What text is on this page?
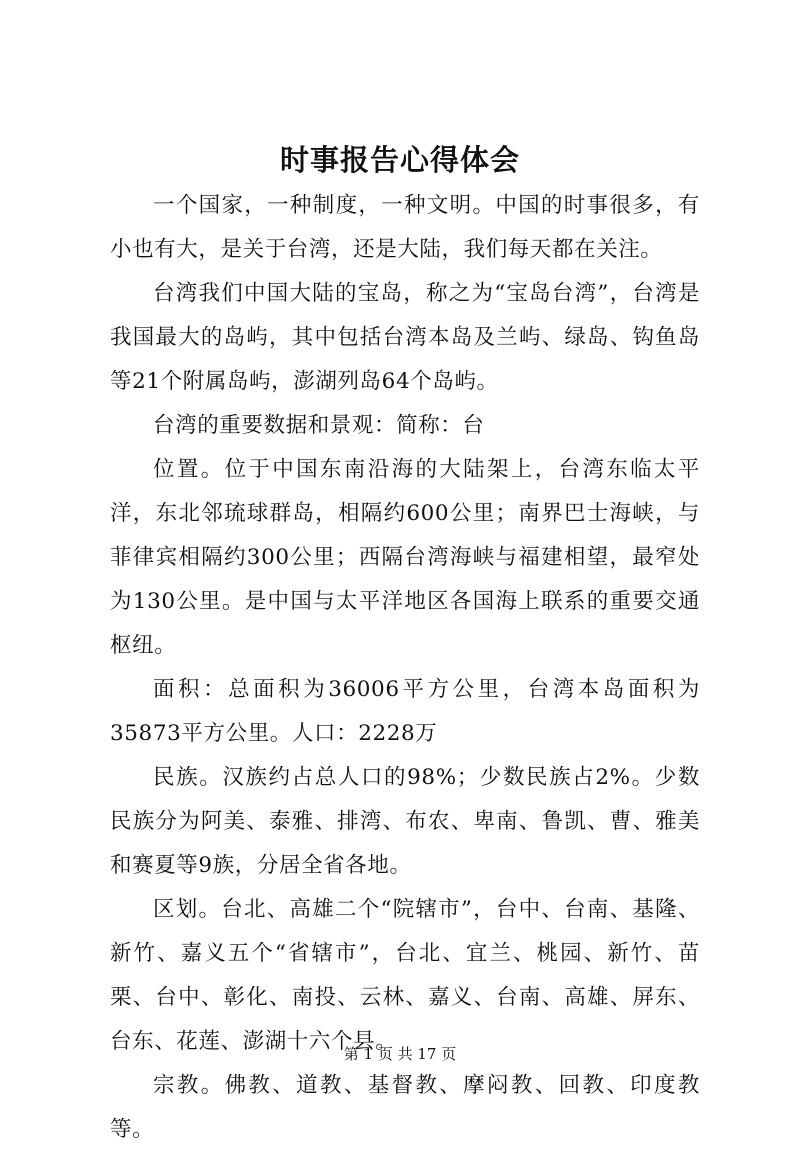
时事报告心得体会

一个国家，一种制度，一种文明。中国的时事很多，有小也有大，是关于台湾，还是大陆，我们每天都在关注。

台湾我们中国大陆的宝岛，称之为“宝岛台湾”，台湾是我国最大的岛屿，其中包括台湾本岛及兰屿、绿岛、钩鱼岛等21个附属岛屿，澎湖列岛64个岛屿。

台湾的重要数据和景观：简称：台

位置。位于中国东南沿海的大陆架上，台湾东临太平洋，东北邻琉球群岛，相隔约600公里；南界巴士海峡，与菲律宾相隔约300公里；西隔台湾海峡与福建相望，最窄处为130公里。是中国与太平洋地区各国海上联系的重要交通枢纽。

面积：总面积为36006平方公里，台湾本岛面积为35873平方公里。人口：2228万

民族。汉族约占总人口的98%；少数民族占2%。少数民族分为阿美、泰雅、排湾、布农、卑南、鲁凯、曹、雅美和赛夏等9族，分居全省各地。

区划。台北、高雄二个“院辖市”，台中、台南、基隆、新竹、嘉义五个“省辖市”，台北、宜兰、桃园、新竹、苗栗、台中、彰化、南投、云林、嘉义、台南、高雄、屏东、台东、花莲、澎湖十六个县。

宗教。佛教、道教、基督教、摩闷教、回教、印度教等。

第 1 页 共 17 页
